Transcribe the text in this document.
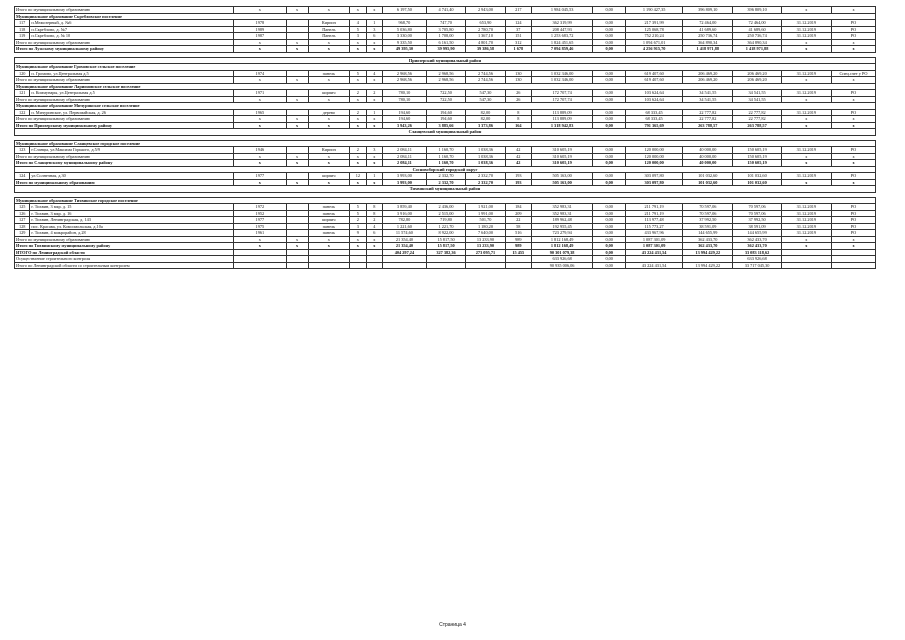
Итого по муниципальному образованию		x	x	x	x	x	6 197,50	4 741,40	2 943,00	217	1 984 045,53	0,00	1 190 427,35	396 809,10	396 809,10	x	x
Муниципальное образование Скребловское поселение																	
117	п.Межозерный, д. №6	1978		Кирпич	4	1	968,70	747,70	653,90	124	362 319,99	0,00	217 391,99	72 464,00	72 464,00	31.12.2019	РО
118	п.Скреблово, д. №7	1989		Панель	5	3	5 036,80	3 705,80	2 780,70	37	208 447,93	0,00	125 068,78	41 689,60	41 689,60	31.12.2019	РО
119	п.Скреблово, д. № 10	1987		Панель	3	6	3 330,00	1 708,00	1 367,10	151	1 253 683,72	0,00	752 210,24	250 736,74	250 736,74	31.12.2019	РО
Итого по муниципальному образованию		x	x	x	x	x	9 335,50	6 161,50	4 801,70	312	1 824 451,65	0,00	1 094 671,01	364 890,34	364 890,34	x	x
Итого по Лужскому муниципальному району		x	x	x	x	x	49 395,30	39 995,90	39 386,58	1 678	7 094 859,46	0,00	4 256 915,70	1 418 971,88	1 418 971,88	x	x

Приозерский муниципальный район																	
Муниципальное образование Громовское сельское поселение																	
120	п. Громово, ул.Центральная д.5	1974		панель	5	4	2 968,56	2 968,56	2 744,56	130	1 032 346,00	0,00	619 407,60	206 469,20	206 469,20	31.12.2019	Спец.счет у РО
Итого по муниципальному образованию		x	x	x	x	x	2 968,56	2 968,56	2 744,56	130	1 032 346,00	0,00	619 407,60	206 469,20	206 469,20	x	x
Муниципальное образование Ларионовское сельское поселение																	
121	п. Коммунары, ул.Центральная д.5	1971		кирпич	2	2	780,10	722,50	547,30	26	172 707,74	0,00	103 624,64	34 541,55	34 541,55	31.12.2019	РО
Итого по муниципальному образованию		x	x	x	x	x	780,10	722,50	547,30	26	172 707,74	0,00	103 624,64	34 541,55	34 541,55	x	x
Муниципальное образование Мичуринское сельское поселение																	
122	п. Мичуринское, ул. Первомайская, д. 26	1965		дерево	2	1	194,60	194,60	82,00	8	113 889,09	0,00	68 333,45	22 777,82	22 777,82	31.12.2019	РО
Итого по муниципальному образованию		x	x	x	x	x	194,60	194,60	82,00	8	113 889,09	0,00	68 333,45	22 777,82	22 777,82	x	x
Итого по Приозерскому муниципальному району		x	x	x	x	x	3 943,26	3 885,66	3 373,86	164	1 318 942,83	0,00	791 365,69	263 788,57	263 788,57	x	x
Сланцевский муниципальный район																	

Муниципальное образование Сланцевское городское поселение																	
123	г.Сланцы, ул.Максима Горького, д.5/9	1946		Кирпич	2	3	2 084,11	1 160,70	1 038,36	42	310 605,19	0,00	120 000,00	40 000,00	150 605,19	31.12.2019	РО
Итого по муниципальному образованию		x	x	x	x	x	2 084,11	1 160,70	1 038,36	42	310 605,19	0,00	120 000,00	40 000,00	150 605,19	x	x
Итого по Сланцевскому муниципальному району		x	x	x	x	x	2 084,11	1 160,70	1 038,36	42	310 605,19	0,00	120 000,00	40 000,00	150 605,19	x	x
Сосновоборский городской округ																	
124	ул.Солнечная, д.30	1977		кирпич	12	1	3 993,00	2 332,70	2 332,70	193	505 163,00	0,00	303 097,80	101 032,60	101 032,60	31.12.2019	РО
Итого по муниципальному образованию		x	x	x	x	x	3 993,00	2 332,70	2 332,70	193	505 163,00	0,00	303 097,80	101 032,60	101 032,60	x	x
Тихвинский муниципальный район																	

Муниципальное образование Тихвинское городское поселение																	
125	г. Тихвин, 3 мкр. д. 15	1972		панель	5	8	3 859,40	2 436,00	1 921,00	184	352 983,31	0,00	211 791,19	70 597,06	70 597,06	31.12.2019	РО
126	г. Тихвин, 3 мкр. д. 16	1952		панель	5	8	3 916,00	2 515,00	1 991,00	209	352 983,31	0,00	211 791,19	70 597,06	70 597,06	31.12.2019	РО
127	г. Тихвин, Ленинградская, д. 143	1977		кирпич	2	2	782,80	719,80	501,70	22	189 962,48	0,00	113 977,48	37 992,50	37 992,50	31.12.2019	РО
128	пос. Красава, ул. Комсомольская, д.10а	1975		панель	3	4	1 221,60	1 221,70	1 180,20	58	192 955,45	0,00	115 773,27	38 591,09	38 591,09	31.12.2019	РО
129	г. Тихвин, 4 микрорайон, д.28	1961		панель	9	6	11 574,60	8 922,00	7 640,00	516	723 279,94	0,00	433 967,96	144 655,99	144 655,99	31.12.2019	РО
Итого по муниципальному образованию		x	x	x	x	x	21 354,40	15 817,50	13 233,90	989	1 812 168,49	0,00	1 087 301,09	362 433,70	362 433,70	x	x
Итого по Тихвинскому муниципальному району		x	x	x	x	x	21 354,40	15 817,50	13 233,90	989	1 812 168,49	0,00	1 087 301,09	362 433,70	362 433,70	x	x
ИТОГО по Ленинградской области							404 297,24	327 382,36	273 095,71	15 455	90 301 079,38	0,00	43 224 431,54	13 994 429,22	33 083 118,62		
Осуществление строительного контроля											633 926,68	0,00			633 926,68		
Итого по Ленинградской области со строительным контролем											90 935 006,06	0,00	43 224 431,54	13 994 429,22	33 717 045,30		
Страница 4
